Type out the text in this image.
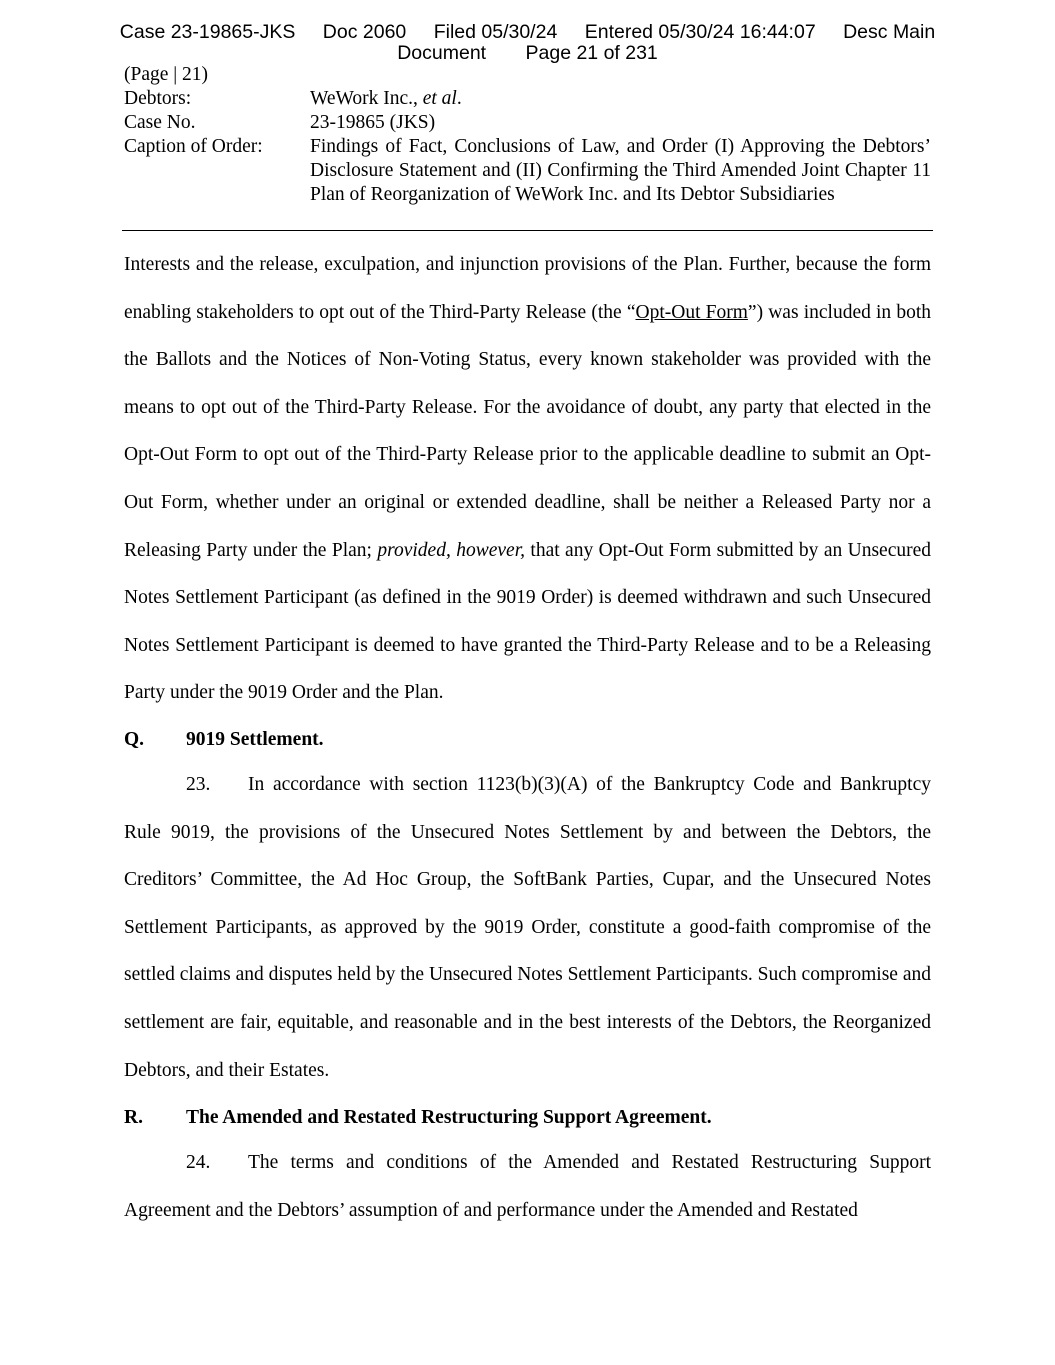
Case 23-19865-JKS Doc 2060 Filed 05/30/24 Entered 05/30/24 16:44:07 Desc Main
Document Page 21 of 231
(Page | 21)
Debtors:	WeWork Inc., et al.
Case No.	23-19865 (JKS)
Caption of Order:	Findings of Fact, Conclusions of Law, and Order (I) Approving the Debtors’ Disclosure Statement and (II) Confirming the Third Amended Joint Chapter 11 Plan of Reorganization of WeWork Inc. and Its Debtor Subsidiaries

Interests and the release, exculpation, and injunction provisions of the Plan. Further, because the form enabling stakeholders to opt out of the Third-Party Release (the “Opt-Out Form”) was included in both the Ballots and the Notices of Non-Voting Status, every known stakeholder was provided with the means to opt out of the Third-Party Release. For the avoidance of doubt, any party that elected in the Opt-Out Form to opt out of the Third-Party Release prior to the applicable deadline to submit an Opt-Out Form, whether under an original or extended deadline, shall be neither a Released Party nor a Releasing Party under the Plan; provided, however, that any Opt-Out Form submitted by an Unsecured Notes Settlement Participant (as defined in the 9019 Order) is deemed withdrawn and such Unsecured Notes Settlement Participant is deemed to have granted the Third-Party Release and to be a Releasing Party under the 9019 Order and the Plan.

Q.	9019 Settlement.

23. In accordance with section 1123(b)(3)(A) of the Bankruptcy Code and Bankruptcy Rule 9019, the provisions of the Unsecured Notes Settlement by and between the Debtors, the Creditors’ Committee, the Ad Hoc Group, the SoftBank Parties, Cupar, and the Unsecured Notes Settlement Participants, as approved by the 9019 Order, constitute a good-faith compromise of the settled claims and disputes held by the Unsecured Notes Settlement Participants. Such compromise and settlement are fair, equitable, and reasonable and in the best interests of the Debtors, the Reorganized Debtors, and their Estates.

R.	The Amended and Restated Restructuring Support Agreement.

24. The terms and conditions of the Amended and Restated Restructuring Support Agreement and the Debtors’ assumption of and performance under the Amended and Restated
